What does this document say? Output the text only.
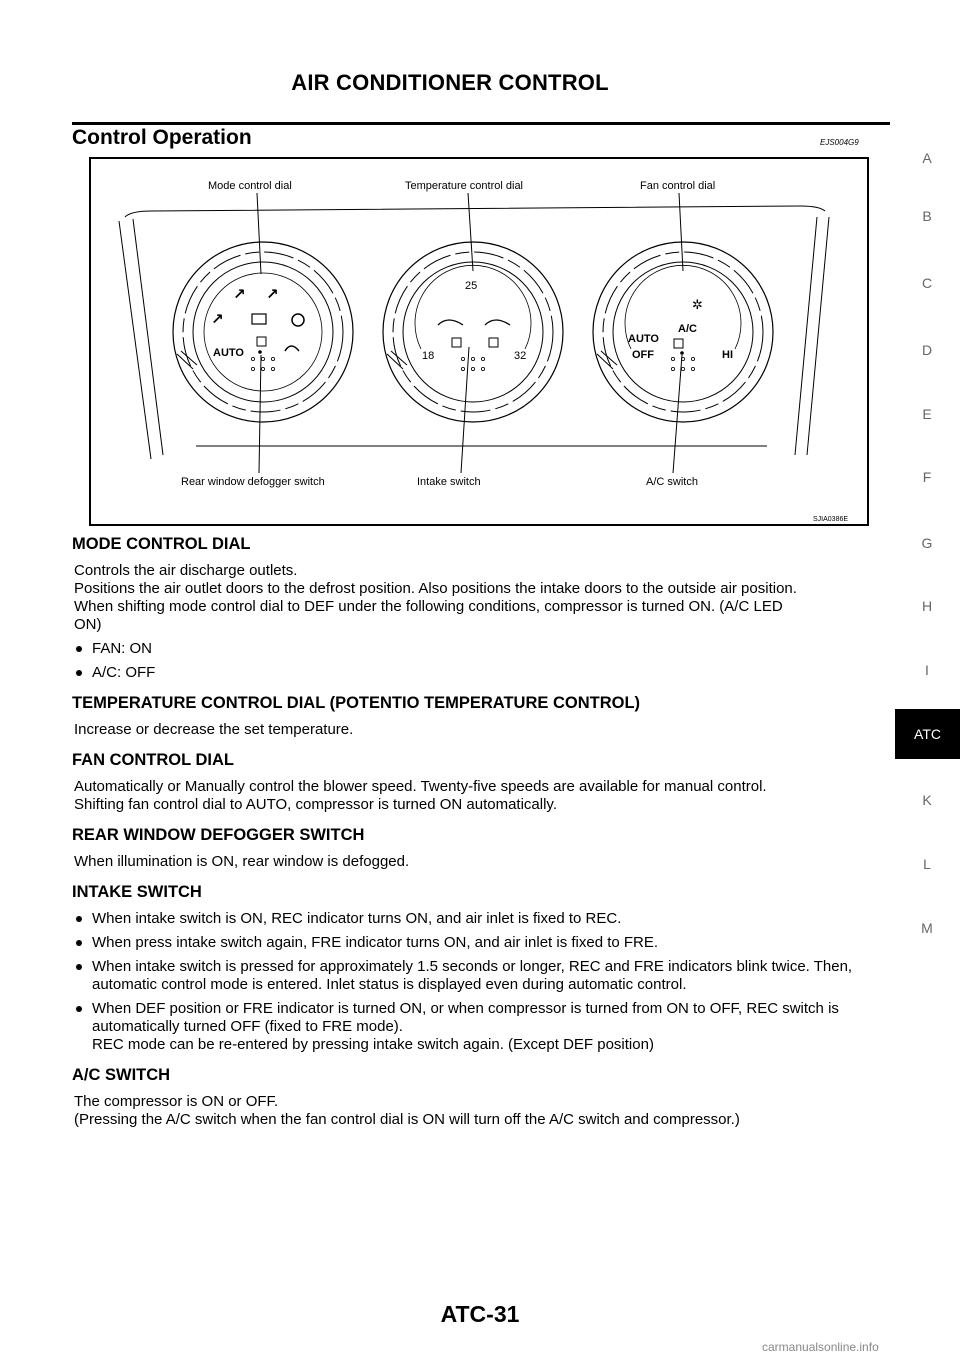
AIR CONDITIONER CONTROL
Control Operation	EJS004G9
↗ ↗
↗
AUTO
25
18	32
✲
A/C
AUTO
OFF	HI
Mode control dial	Temperature control dial	Fan control dial
Rear window defogger switch	Intake switch	A/C switch
SJIA0386E
MODE CONTROL DIAL
Controls the air discharge outlets.
Positions the air outlet doors to the defrost position. Also positions the intake doors to the outside air position.
When shifting mode control dial to DEF under the following conditions, compressor is turned ON. (A/C LED
ON)
FAN: ON
A/C: OFF
TEMPERATURE CONTROL DIAL (POTENTIO TEMPERATURE CONTROL)
Increase or decrease the set temperature.
FAN CONTROL DIAL
Automatically or Manually control the blower speed. Twenty-five speeds are available for manual control.
Shifting fan control dial to AUTO, compressor is turned ON automatically.
REAR WINDOW DEFOGGER SWITCH
When illumination is ON, rear window is defogged.
INTAKE SWITCH
When intake switch is ON, REC indicator turns ON, and air inlet is fixed to REC.
When press intake switch again, FRE indicator turns ON, and air inlet is fixed to FRE.
When intake switch is pressed for approximately 1.5 seconds or longer, REC and FRE indicators blink twice. Then, automatic control mode is entered. Inlet status is displayed even during automatic control.
When DEF position or FRE indicator is turned ON, or when compressor is turned from ON to OFF, REC switch is automatically turned OFF (fixed to FRE mode).
REC mode can be re-entered by pressing intake switch again. (Except DEF position)
A/C SWITCH
The compressor is ON or OFF.
(Pressing the A/C switch when the fan control dial is ON will turn off the A/C switch and compressor.)
A
B
C
D
E
F
G
H
I
ATC
K
L
M
ATC-31
carmanualsonline.info
